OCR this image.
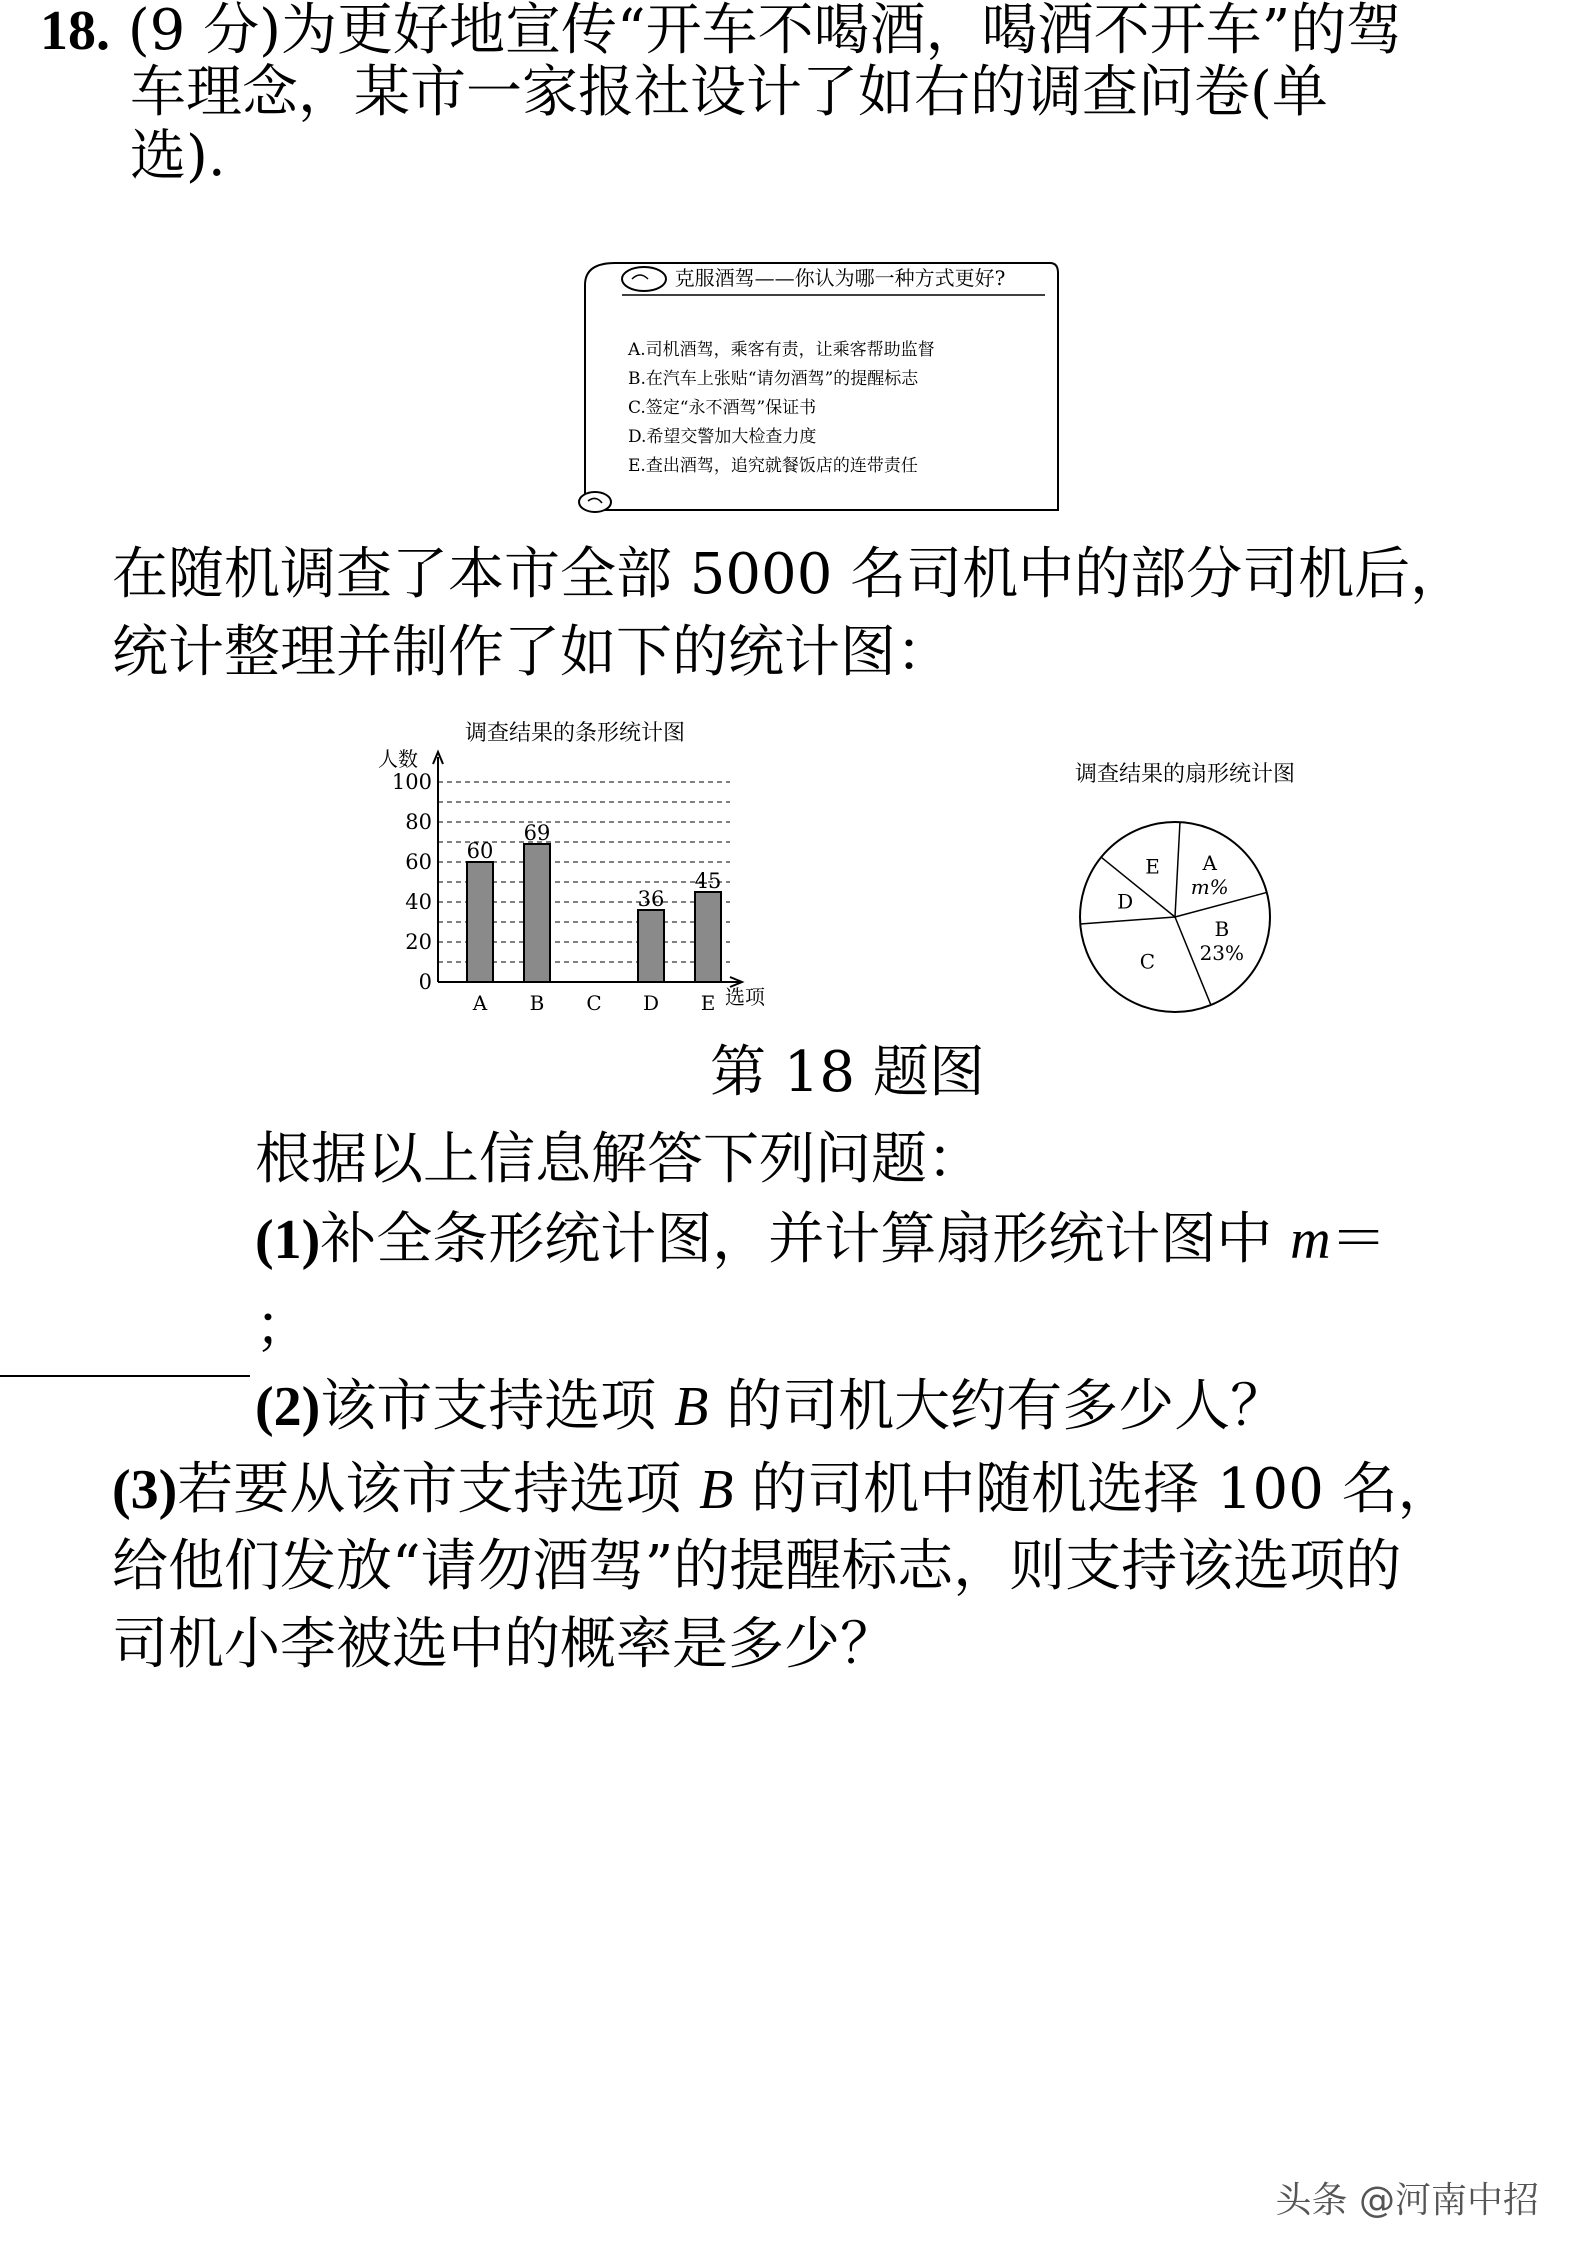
18. (9 分)为更好地宣传“开车不喝酒，喝酒不开车”的驾
车理念，某市一家报社设计了如右的调查问卷(单
选).
克服酒驾——你认为哪一种方式更好?
A.司机酒驾，乘客有责，让乘客帮助监督
B.在汽车上张贴“请勿酒驾”的提醒标志
C.签定“永不酒驾”保证书
D.希望交警加大检查力度
E.查出酒驾，追究就餐饭店的连带责任
在随机调查了本市全部 5000 名司机中的部分司机后，
统计整理并制作了如下的统计图：
调查结果的条形统计图
人数
选项
0
20
40
60
80
100
A
60
B
69
C D
36
E
45
调查结果的扇形统计图
A
m%
B
23%
C
D
E
第 18 题图
根据以上信息解答下列问题：
(1)补全条形统计图，并计算扇形统计图中 m＝
；
(2)该市支持选项 B 的司机大约有多少人？
(3)若要从该市支持选项 B 的司机中随机选择 100 名，
给他们发放“请勿酒驾”的提醒标志，则支持该选项的
司机小李被选中的概率是多少？
头条 @河南中招
